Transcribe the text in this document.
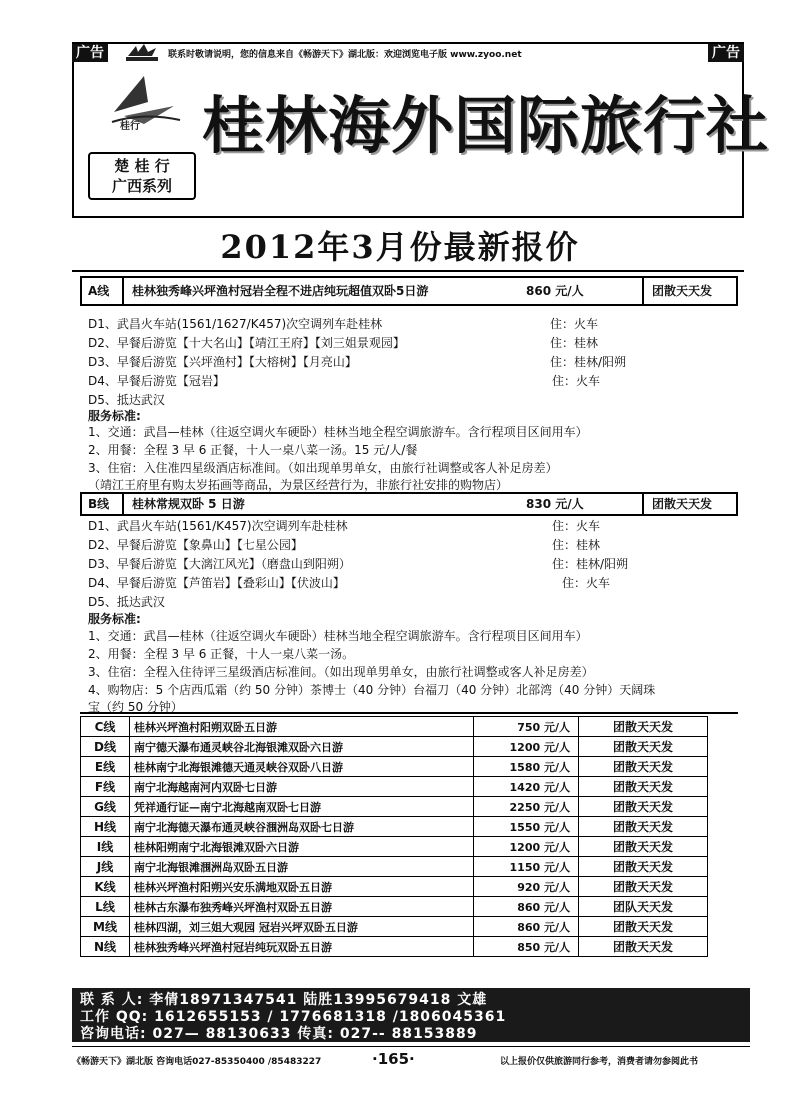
广告	联系时敬请说明，您的信息来自《畅游天下》湖北版：欢迎浏览电子版 www.zyoo.net	广告
桂行
楚 桂 行
广西系列
桂林海外国际旅行社
2012年3月份最新报价
A线 桂林独秀峰兴坪渔村冠岩全程不进店纯玩超值双卧5日游	860 元/人	团散天天发
D1、武昌火车站(1561/1627/K457)次空调列车赴桂林	住：火车
D2、早餐后游览【十大名山】【靖江王府】【刘三姐景观园】	住：桂林
D3、早餐后游览【兴坪渔村】【大榕树】【月亮山】	住：桂林/阳朔
D4、早餐后游览【冠岩】	住：火车
D5、抵达武汉
服务标准:
1、交通：武昌—桂林（往返空调火车硬卧）桂林当地全程空调旅游车。含行程项目区间用车）
2、用餐：全程 3 早 6 正餐，十人一桌八菜一汤。15 元/人/餐
3、住宿：入住准四星级酒店标准间。（如出现单男单女，由旅行社调整或客人补足房差）
（靖江王府里有购太岁拓画等商品，为景区经营行为，非旅行社安排的购物店）
B线 桂林常规双卧 5 日游	830 元/人	团散天天发
D1、武昌火车站(1561/K457)次空调列车赴桂林	住：火车
D2、早餐后游览【象鼻山】【七星公园】	住：桂林
D3、早餐后游览【大漓江风光】（磨盘山到阳朔）	住：桂林/阳朔
D4、早餐后游览【芦笛岩】【叠彩山】【伏波山】	住：火车
D5、抵达武汉
服务标准:
1、交通：武昌—桂林（往返空调火车硬卧）桂林当地全程空调旅游车。含行程项目区间用车）
2、用餐：全程 3 早 6 正餐，十人一桌八菜一汤。
3、住宿：全程入住待评三星级酒店标准间。（如出现单男单女，由旅行社调整或客人补足房差）
4、购物店：5 个店西瓜霜（约 50 分钟）茶博士（40 分钟）台福刀（40 分钟）北部湾（40 分钟）天阔珠
宝（约 50 分钟）
C线	桂林兴坪渔村阳朔双卧五日游	750 元/人	团散天天发
D线	南宁德天瀑布通灵峡谷北海银滩双卧六日游	1200 元/人	团散天天发
E线	桂林南宁北海银滩德天通灵峡谷双卧八日游	1580 元/人	团散天天发
F线	南宁北海越南河内双卧七日游	1420 元/人	团散天天发
G线	凭祥通行证—南宁北海越南双卧七日游	2250 元/人	团散天天发
H线	南宁北海德天瀑布通灵峡谷涠洲岛双卧七日游	1550 元/人	团散天天发
I线	桂林阳朔南宁北海银滩双卧六日游	1200 元/人	团散天天发
J线	南宁北海银滩涠洲岛双卧五日游	1150 元/人	团散天天发
K线	桂林兴坪渔村阳朔兴安乐满地双卧五日游	920 元/人	团散天天发
L线	桂林古东瀑布独秀峰兴坪渔村双卧五日游	860 元/人	团队天天发
M线	桂林四湖，刘三姐大观园 冠岩兴坪双卧五日游	860 元/人	团散天天发
N线	桂林独秀峰兴坪渔村冠岩纯玩双卧五日游	850 元/人	团散天天发
联 系 人: 李倩18971347541 陆胜13995679418 文雄
工作 QQ: 1612655153 / 1776681318 /1806045361
咨询电话: 027— 88130633 传真: 027-- 88153889
《畅游天下》湖北版 咨询电话027-85350400 /85483227	·165·	以上报价仅供旅游同行参考，消费者请勿参阅此书
